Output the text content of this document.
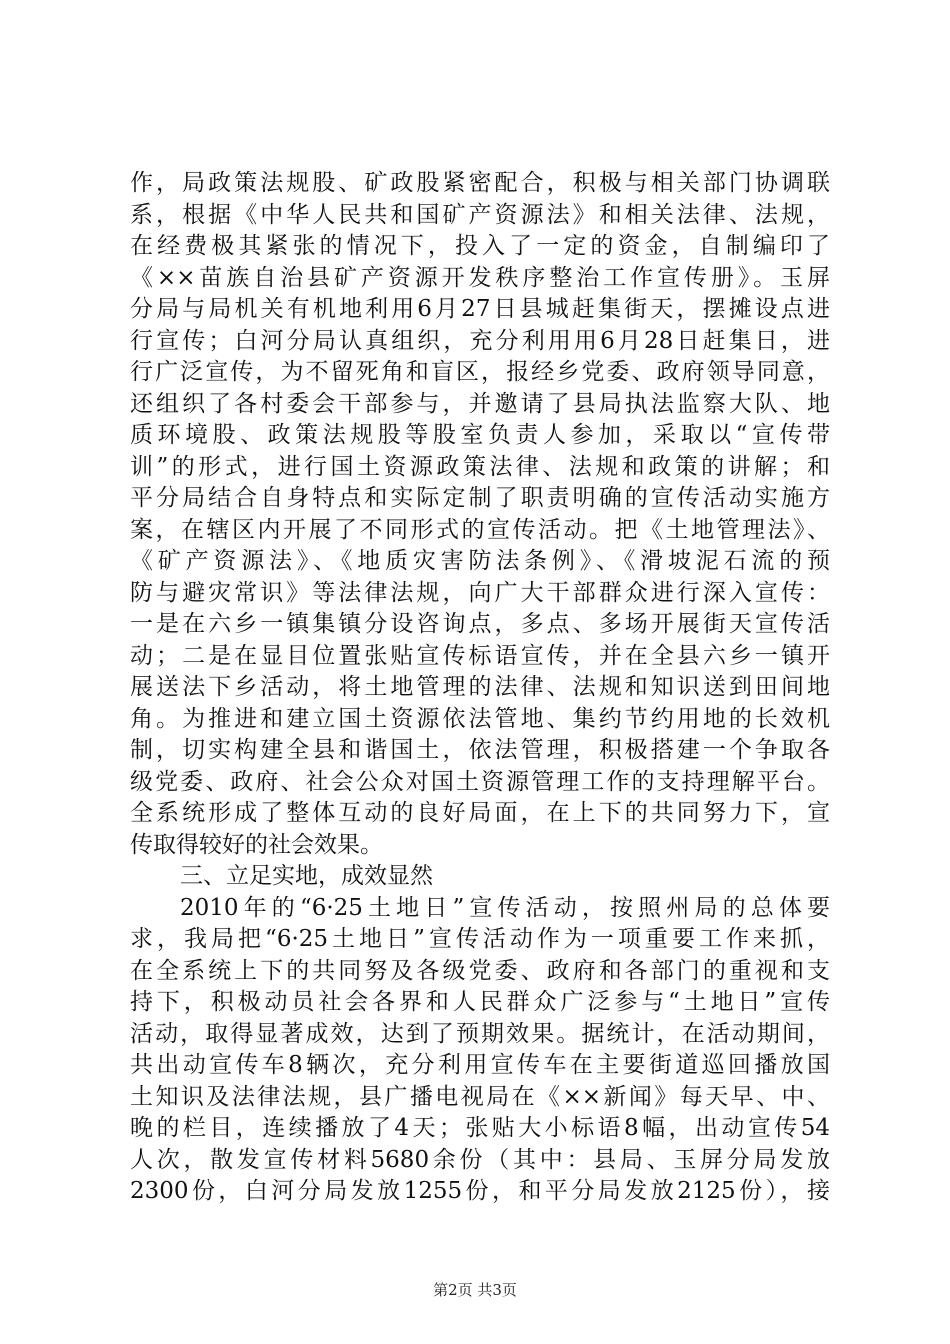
作，局政策法规股、矿政股紧密配合，积极与相关部门协调联
系，根据《中华人民共和国矿产资源法》和相关法律、法规，
在经费极其紧张的情况下，投入了一定的资金，自制编印了
《××苗族自治县矿产资源开发秩序整治工作宣传册》。玉屏
分局与局机关有机地利用6月27日县城赶集街天，摆摊设点进
行宣传；白河分局认真组织，充分利用用6月28日赶集日，进
行广泛宣传，为不留死角和盲区，报经乡党委、政府领导同意，
还组织了各村委会干部参与，并邀请了县局执法监察大队、地
质环境股、政策法规股等股室负责人参加，采取以“宣传带
训”的形式，进行国土资源政策法律、法规和政策的讲解；和
平分局结合自身特点和实际定制了职责明确的宣传活动实施方
案，在辖区内开展了不同形式的宣传活动。把《土地管理法》、
《矿产资源法》、《地质灾害防法条例》、《滑坡泥石流的预
防与避灾常识》等法律法规，向广大干部群众进行深入宣传：
一是在六乡一镇集镇分设咨询点，多点、多场开展街天宣传活
动；二是在显目位置张贴宣传标语宣传，并在全县六乡一镇开
展送法下乡活动，将土地管理的法律、法规和知识送到田间地
角。为推进和建立国土资源依法管地、集约节约用地的长效机
制，切实构建全县和谐国土，依法管理，积极搭建一个争取各
级党委、政府、社会公众对国土资源管理工作的支持理解平台。
全系统形成了整体互动的良好局面，在上下的共同努力下，宣
传取得较好的社会效果。
三、立足实地，成效显然
2010年的“6·25土地日”宣传活动，按照州局的总体要
求，我局把“6·25土地日”宣传活动作为一项重要工作来抓，
在全系统上下的共同努及各级党委、政府和各部门的重视和支
持下，积极动员社会各界和人民群众广泛参与“土地日”宣传
活动，取得显著成效，达到了预期效果。据统计，在活动期间，
共出动宣传车8辆次，充分利用宣传车在主要街道巡回播放国
土知识及法律法规，县广播电视局在《××新闻》每天早、中、
晚的栏目，连续播放了4天；张贴大小标语8幅，出动宣传54
人次，散发宣传材料5680余份（其中：县局、玉屏分局发放
2300份，白河分局发放1255份，和平分局发放2125份），接
第2页 共3页
